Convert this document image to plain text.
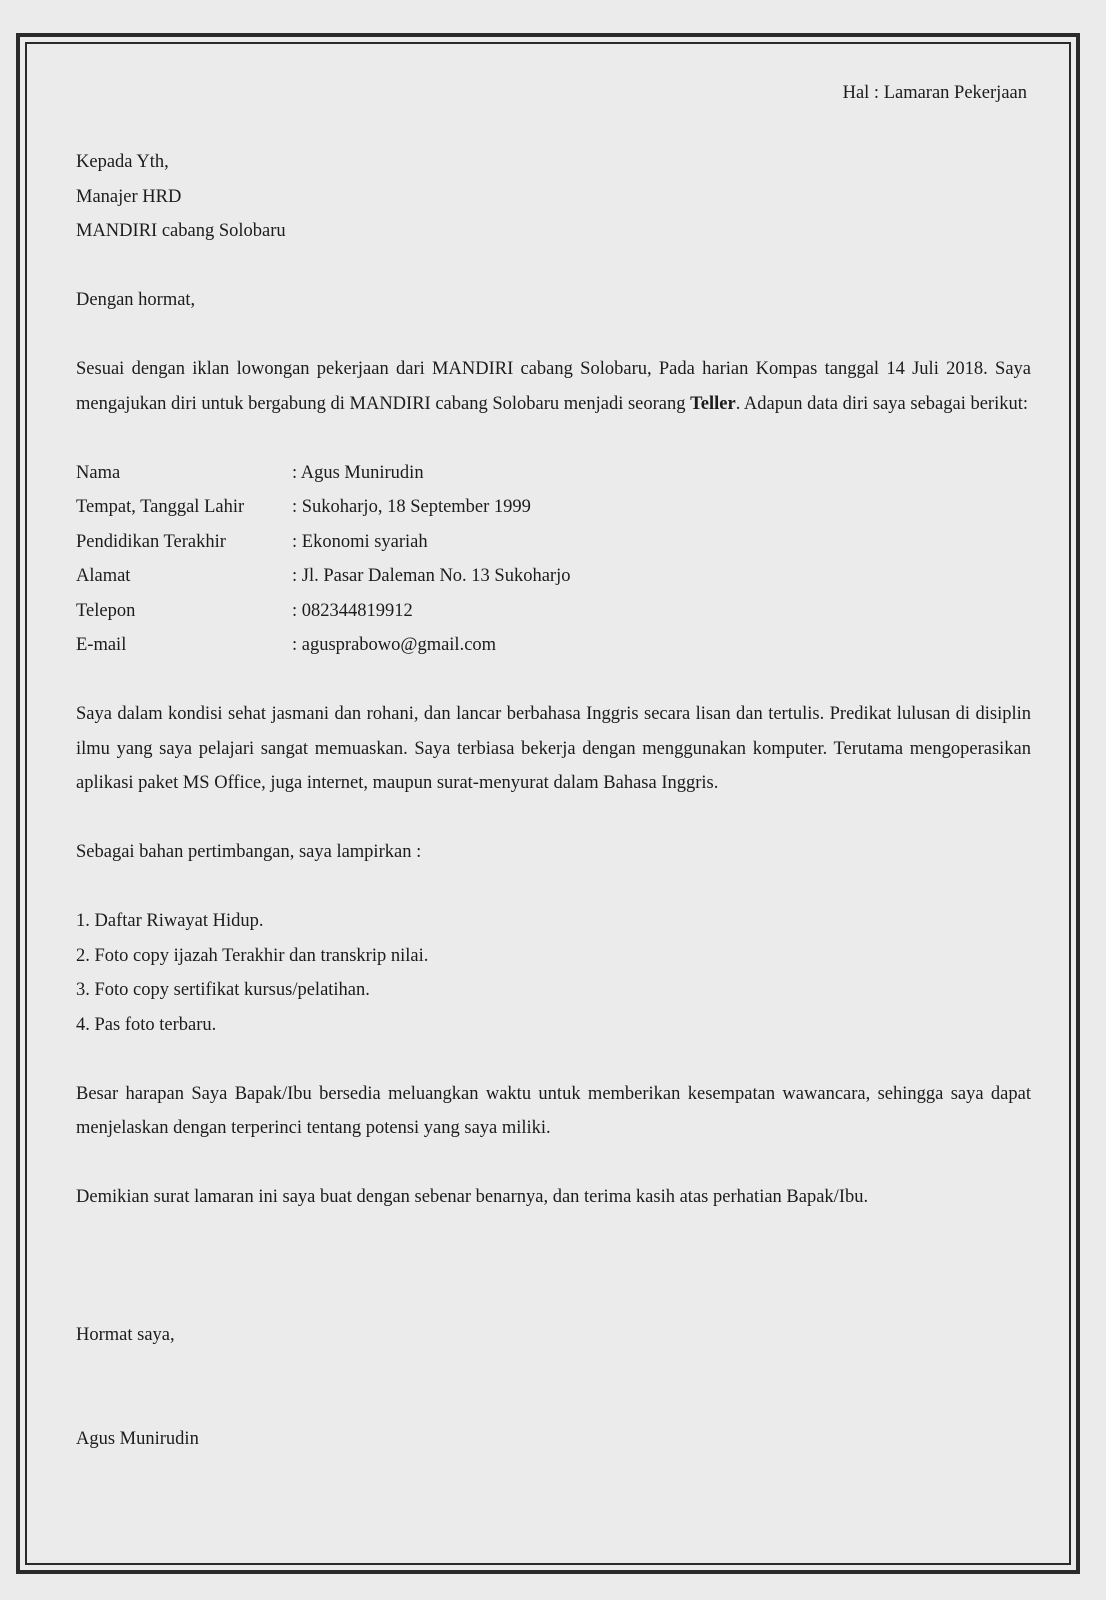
Hal : Lamaran Pekerjaan

Kepada Yth,

Manajer HRD

MANDIRI cabang Solobaru

Dengan hormat,

Sesuai dengan iklan lowongan pekerjaan dari MANDIRI cabang Solobaru, Pada harian Kompas tanggal 14 Juli 2018. Saya mengajukan diri untuk bergabung di MANDIRI cabang Solobaru menjadi seorang Teller. Adapun data diri saya sebagai berikut:

Nama	: Agus Munirudin
Tempat, Tanggal Lahir	: Sukoharjo, 18 September 1999
Pendidikan Terakhir	: Ekonomi syariah
Alamat	: Jl. Pasar Daleman No. 13 Sukoharjo
Telepon	: 082344819912
E-mail	: agusprabowo@gmail.com

Saya dalam kondisi sehat jasmani dan rohani, dan lancar berbahasa Inggris secara lisan dan tertulis. Predikat lulusan di disiplin ilmu yang saya pelajari sangat memuaskan. Saya terbiasa bekerja dengan menggunakan komputer. Terutama mengoperasikan aplikasi paket MS Office, juga internet, maupun surat-menyurat dalam Bahasa Inggris.

Sebagai bahan pertimbangan, saya lampirkan :

1. Daftar Riwayat Hidup.

2. Foto copy ijazah Terakhir dan transkrip nilai.

3. Foto copy sertifikat kursus/pelatihan.

4. Pas foto terbaru.

Besar harapan Saya Bapak/Ibu bersedia meluangkan waktu untuk memberikan kesempatan wawancara, sehingga saya dapat menjelaskan dengan terperinci tentang potensi yang saya miliki.

Demikian surat lamaran ini saya buat dengan sebenar benarnya, dan terima kasih atas perhatian Bapak/Ibu.

Hormat saya,

Agus Munirudin
